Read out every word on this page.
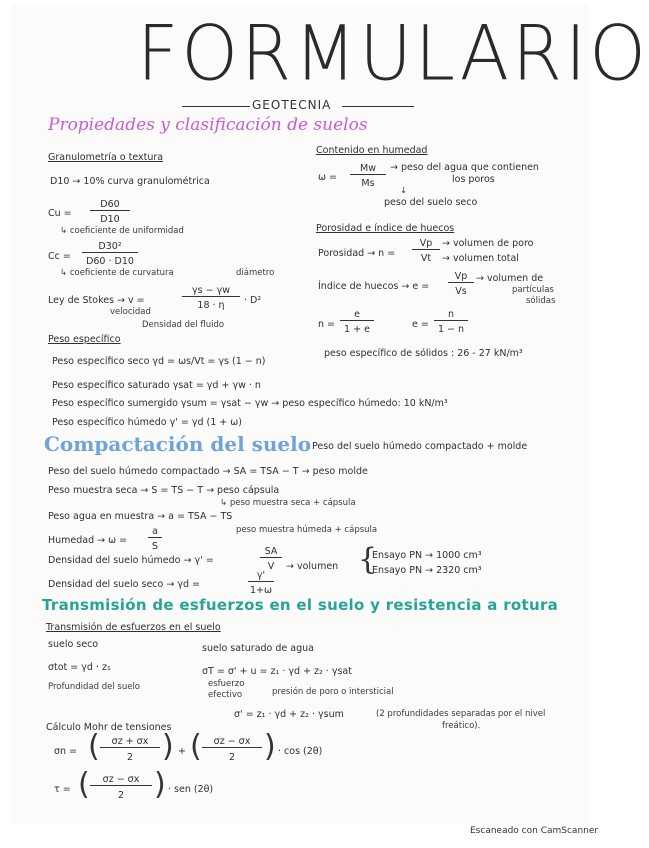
FORMULARIO
GEOTECNIA
Propiedades y clasificación de suelos
Granulometría o textura
D10 → 10% curva granulométrica
Cu =
D60
D10
↳ coeficiente de uniformidad
Cc =
D30²
D60 · D10
↳ coeficiente de curvatura	diámetro
Ley de Stokes → v =
γs − γw
18 · η	· D²
velocidad
Densidad del fluido
Contenido en humedad
ω =
Mw
Ms
→ peso del agua que contienen
los poros
↓
peso del suelo seco
Porosidad e índice de huecos
Porosidad → n =
Vp
Vt
→ volumen de poro
→ volumen total
Índice de huecos → e =
Vp
Vs
→ volumen de
partículas
sólidas
n =
e
1 + e	e =
n
1 − n
Peso específico
Peso específico seco γd = ωs/Vt = γs (1 − n)
peso específico de sólidos : 26 - 27 kN/m³
Peso específico saturado γsat = γd + γw · n
Peso específico sumergido γsum = γsat − γw → peso específico húmedo: 10 kN/m³
Peso específico húmedo γ' = γd (1 + ω)
Compactación del suelo Peso del suelo húmedo compactado + molde
Peso del suelo húmedo compactado → SA = TSA − T → peso molde
Peso muestra seca → S = TS − T → peso cápsula
↳ peso muestra seca + cápsula
Peso agua en muestra → a = TSA − TS
peso muestra húmeda + cápsula
Humedad → ω =
a
S
Densidad del suelo húmedo → γ' =
SA
V	→ volumen {
Ensayo PN → 1000 cm³
Ensayo PN → 2320 cm³
Densidad del suelo seco → γd =
γ'
1+ω
Transmisión de esfuerzos en el suelo y resistencia a rotura
Transmisión de esfuerzos en el suelo
suelo seco	suelo saturado de agua
σtot = γd · z₁	σT = σ' + u = z₁ · γd + z₂ · γsat
Profundidad del suelo	esfuerzo
efectivo	presión de poro o intersticial
σ' = z₁ · γd + z₂ · γsum	(2 profundidades separadas por el nivel
freático).
Cálculo Mohr de tensiones
σn = (	σz + σx
2 ) + (	σz − σx
2 ) · cos (2θ)
τ = (	σz − σx
2 ) · sen (2θ)
Escaneado con CamScanner
